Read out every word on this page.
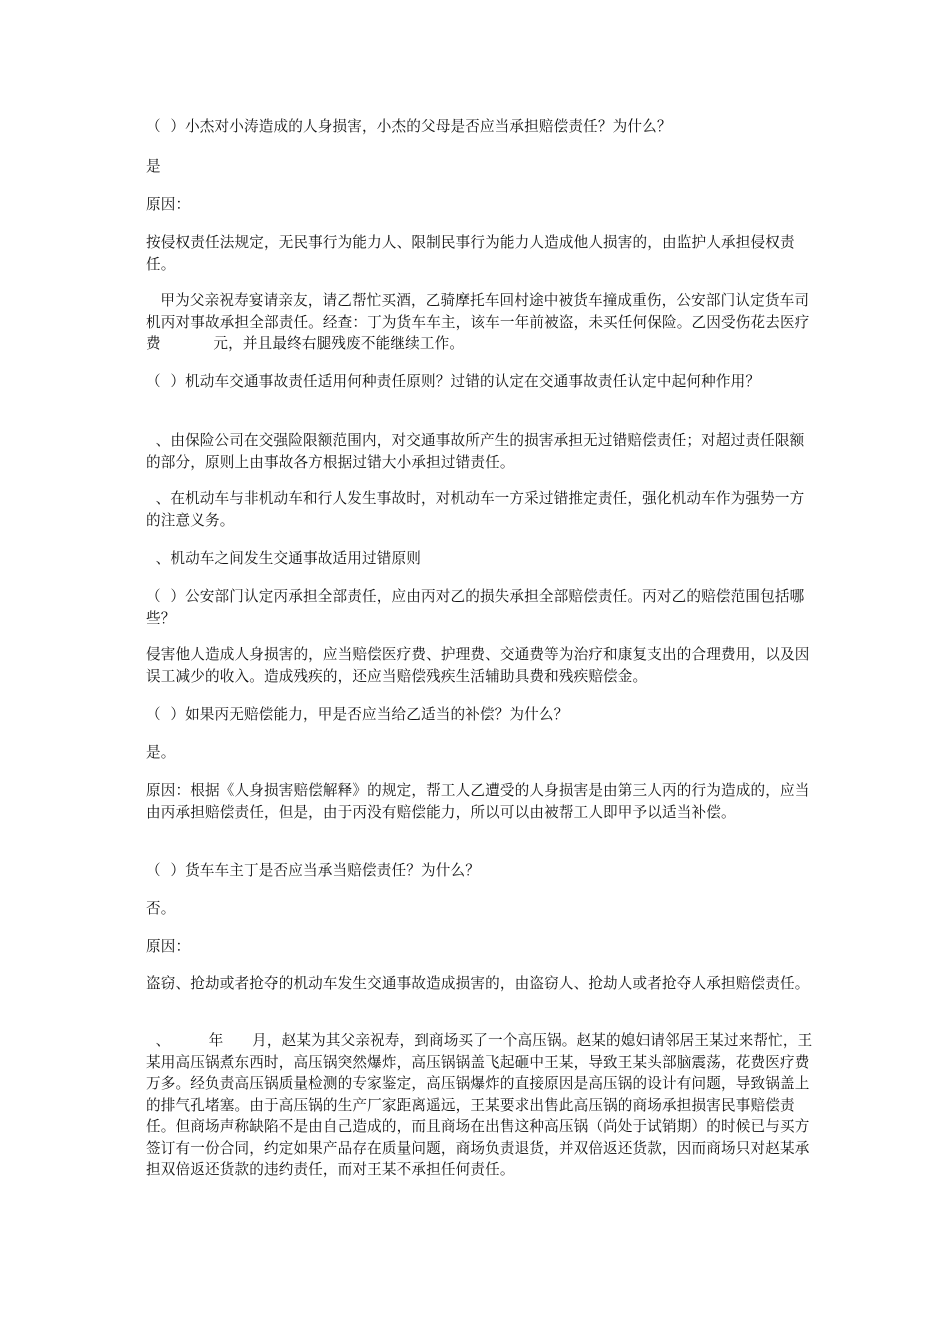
（  ）小杰对小涛造成的人身损害，小杰的父母是否应当承担赔偿责任？为什么？

是

原因：

按侵权责任法规定，无民事行为能力人、限制民事行为能力人造成他人损害的，由监护人承担侵权责任。

甲为父亲祝寿宴请亲友，请乙帮忙买酒，乙骑摩托车回村途中被货车撞成重伤，公安部门认定货车司机丙对事故承担全部责任。经查：丁为货车车主，该车一年前被盗，未买任何保险。乙因受伤花去医疗费           元，并且最终右腿残废不能继续工作。

（  ）机动车交通事故责任适用何种责任原则？过错的认定在交通事故责任认定中起何种作用？

、由保险公司在交强险限额范围内，对交通事故所产生的损害承担无过错赔偿责任；对超过责任限额的部分，原则上由事故各方根据过错大小承担过错责任。

、在机动车与非机动车和行人发生事故时，对机动车一方采过错推定责任，强化机动车作为强势一方的注意义务。

、机动车之间发生交通事故适用过错原则

（  ）公安部门认定丙承担全部责任，应由丙对乙的损失承担全部赔偿责任。丙对乙的赔偿范围包括哪些？

侵害他人造成人身损害的，应当赔偿医疗费、护理费、交通费等为治疗和康复支出的合理费用，以及因误工减少的收入。造成残疾的，还应当赔偿残疾生活辅助具费和残疾赔偿金。

（  ）如果丙无赔偿能力，甲是否应当给乙适当的补偿？为什么？

是。

原因：根据《人身损害赔偿解释》的规定，帮工人乙遭受的人身损害是由第三人丙的行为造成的，应当由丙承担赔偿责任，但是，由于丙没有赔偿能力，所以可以由被帮工人即甲予以适当补偿。

（  ）货车车主丁是否应当承当赔偿责任？为什么？

否。

原因：

盗窃、抢劫或者抢夺的机动车发生交通事故造成损害的，由盗窃人、抢劫人或者抢夺人承担赔偿责任。

、        年      月，赵某为其父亲祝寿，到商场买了一个高压锅。赵某的媳妇请邻居王某过来帮忙，王某用高压锅煮东西时，高压锅突然爆炸，高压锅锅盖飞起砸中王某，导致王某头部脑震荡，花费医疗费    万多。经负责高压锅质量检测的专家鉴定，高压锅爆炸的直接原因是高压锅的设计有问题，导致锅盖上的排气孔堵塞。由于高压锅的生产厂家距离遥远，王某要求出售此高压锅的商场承担损害民事赔偿责任。但商场声称缺陷不是由自己造成的，而且商场在出售这种高压锅（尚处于试销期）的时候已与买方签订有一份合同，约定如果产品存在质量问题，商场负责退货，并双倍返还货款，因而商场只对赵某承担双倍返还货款的违约责任，而对王某不承担任何责任。
